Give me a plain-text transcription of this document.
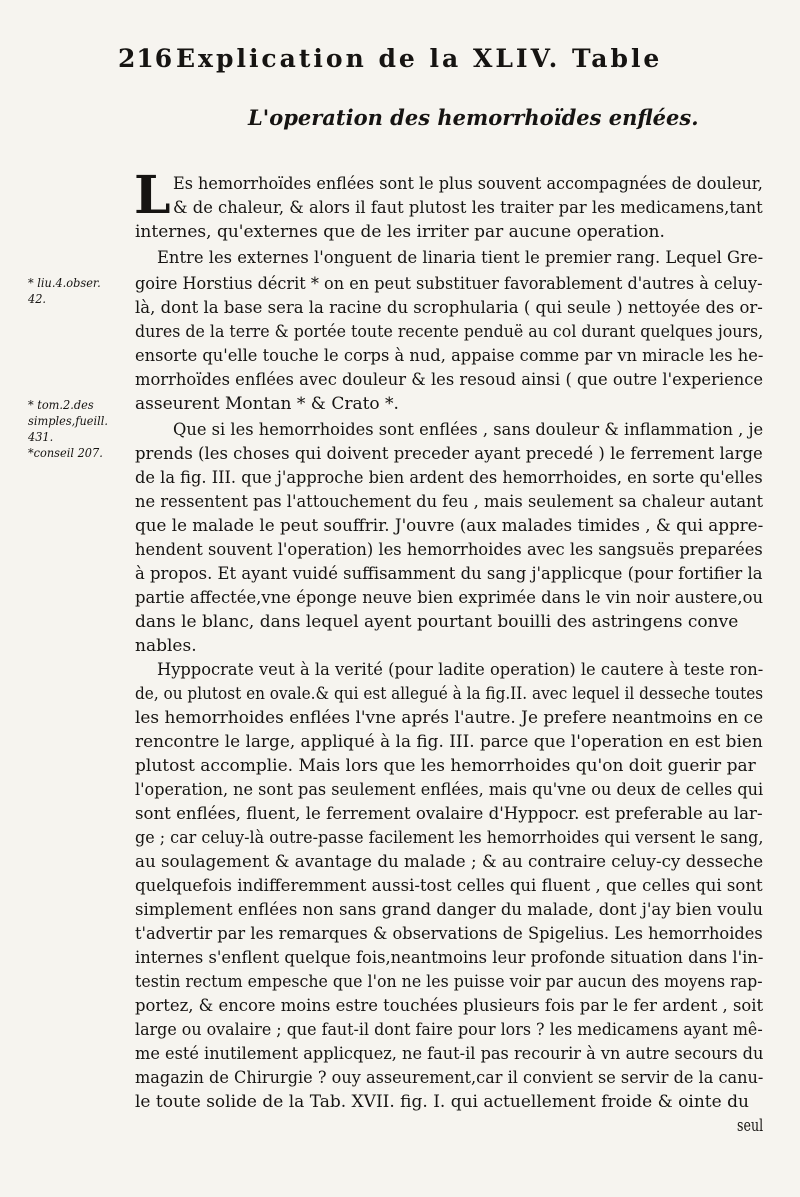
216 Explication de la XLIV. Table
L'operation des hemorrhoïdes enflées.
L
* liu.4.obser.
42.
* tom.2.des
simples,fueill.
431.
*conseil 207.
Es hemorrhoïdes enflées sont le plus souvent accompagnées de douleur,
& de chaleur, & alors il faut plutost les traiter par les medicamens,tant
internes, qu'externes que de les irriter par aucune operation.
Entre les externes l'onguent de linaria tient le premier rang. Lequel Gre-
goire Horstius décrit * on en peut substituer favorablement d'autres à celuy-
là, dont la base sera la racine du scrophularia ( qui seule ) nettoyée des or-
dures de la terre & portée toute recente penduë au col durant quelques jours,
ensorte qu'elle touche le corps à nud, appaise comme par vn miracle les he-
morrhoïdes enflées avec douleur & les resoud ainsi ( que outre l'experience
asseurent Montan * & Crato *.
Que si les hemorrhoides sont enflées , sans douleur & inflammation , je
prends (les choses qui doivent preceder ayant precedé ) le ferrement large
de la fig. III. que j'approche bien ardent des hemorrhoides, en sorte qu'elles
ne ressentent pas l'attouchement du feu , mais seulement sa chaleur autant
que le malade le peut souffrir. J'ouvre (aux malades timides , & qui appre-
hendent souvent l'operation) les hemorrhoides avec les sangsuës preparées
à propos. Et ayant vuidé suffisamment du sang j'applicque (pour fortifier la
partie affectée,vne éponge neuve bien exprimée dans le vin noir austere,ou
dans le blanc, dans lequel ayent pourtant bouilli des astringens conve
nables.
Hyppocrate veut à la verité (pour ladite operation) le cautere à teste ron-
de, ou plutost en ovale.& qui est allegué à la fig.II. avec lequel il desseche toutes
les hemorrhoides enflées l'vne aprés l'autre. Je prefere neantmoins en ce
rencontre le large, appliqué à la fig. III. parce que l'operation en est bien
plutost accomplie. Mais lors que les hemorrhoides qu'on doit guerir par
l'operation, ne sont pas seulement enflées, mais qu'vne ou deux de celles qui
sont enflées, fluent, le ferrement ovalaire d'Hyppocr. est preferable au lar-
ge ; car celuy-là outre-passe facilement les hemorrhoides qui versent le sang,
au soulagement & avantage du malade ; & au contraire celuy-cy desseche
quelquefois indifferemment aussi-tost celles qui fluent , que celles qui sont
simplement enflées non sans grand danger du malade, dont j'ay bien voulu
t'advertir par les remarques & observations de Spigelius. Les hemorrhoides
internes s'enflent quelque fois,neantmoins leur profonde situation dans l'in-
testin rectum empesche que l'on ne les puisse voir par aucun des moyens rap-
portez, & encore moins estre touchées plusieurs fois par le fer ardent , soit
large ou ovalaire ; que faut-il dont faire pour lors ? les medicamens ayant mê-
me esté inutilement applicquez, ne faut-il pas recourir à vn autre secours du
magazin de Chirurgie ? ouy asseurement,car il convient se servir de la canu-
le toute solide de la Tab. XVII. fig. I. qui actuellement froide & ointe du
seul
